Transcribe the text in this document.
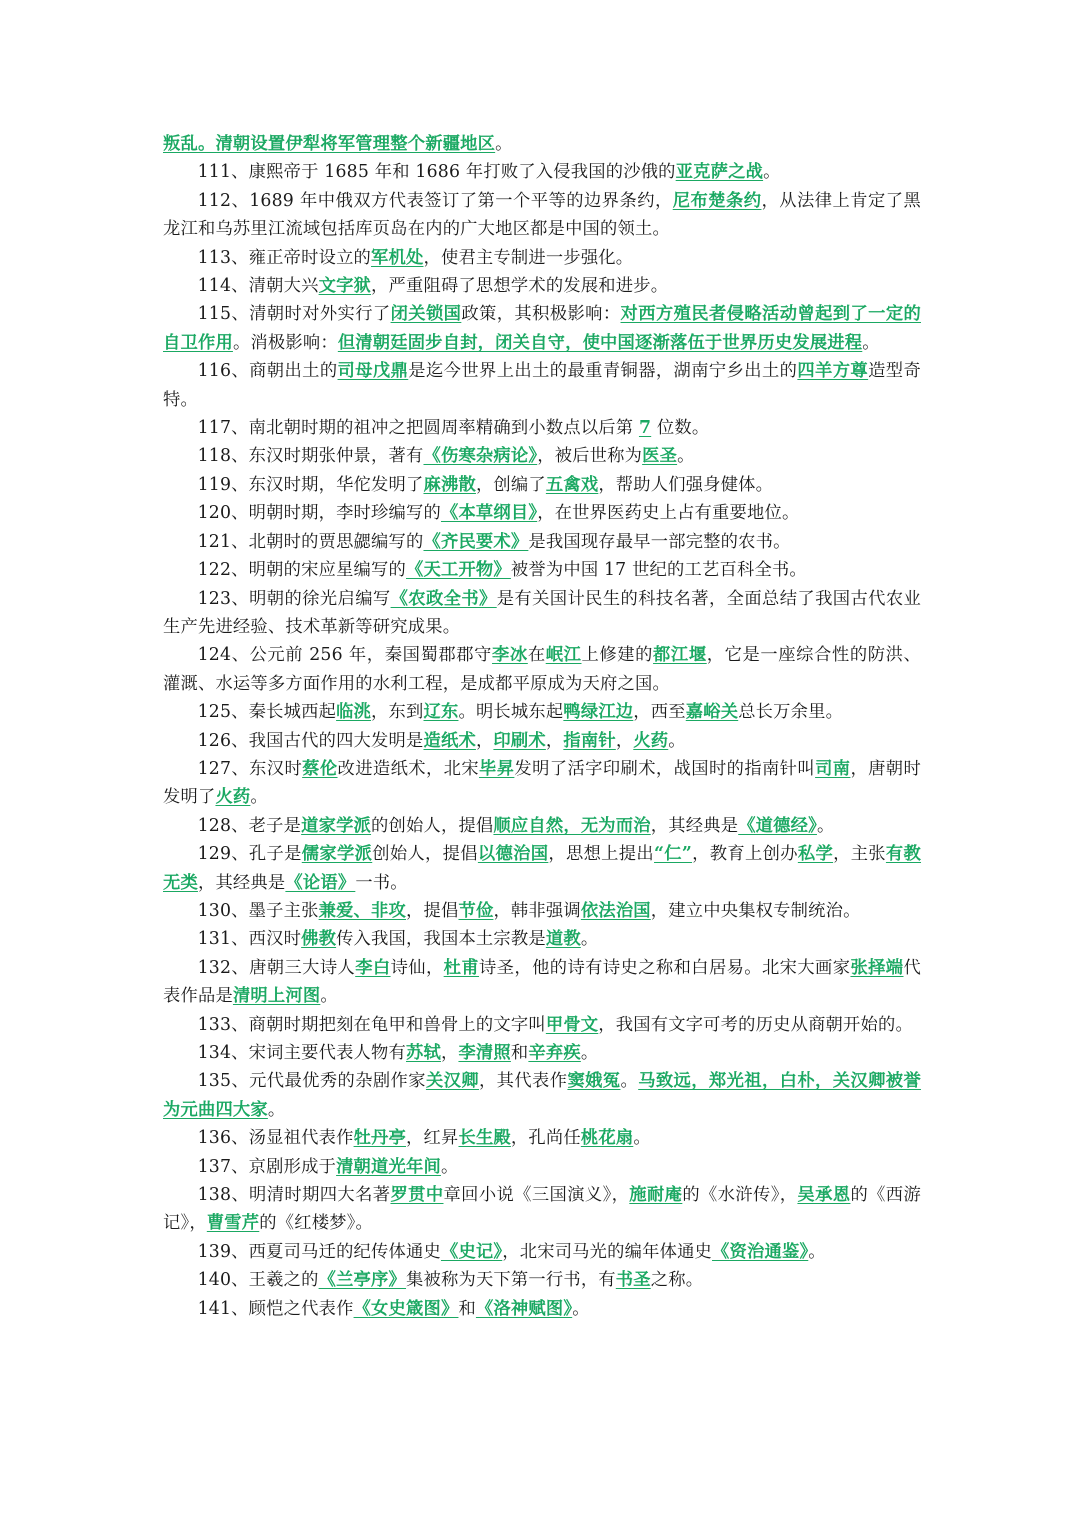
叛乱。清朝设置伊犁将军管理整个新疆地区。

111、康熙帝于 1685 年和 1686 年打败了入侵我国的沙俄的亚克萨之战。

112、1689 年中俄双方代表签订了第一个平等的边界条约，尼布楚条约，从法律上肯定了黑龙江和乌苏里江流域包括库页岛在内的广大地区都是中国的领土。

113、雍正帝时设立的军机处，使君主专制进一步强化。

114、清朝大兴文字狱，严重阻碍了思想学术的发展和进步。

115、清朝时对外实行了闭关锁国政策，其积极影响：对西方殖民者侵略活动曾起到了一定的自卫作用。消极影响：但清朝廷固步自封，闭关自守，使中国逐渐落伍于世界历史发展进程。

116、商朝出土的司母戊鼎是迄今世界上出土的最重青铜器，湖南宁乡出土的四羊方尊造型奇特。

117、南北朝时期的祖冲之把圆周率精确到小数点以后第 7 位数。

118、东汉时期张仲景，著有《伤寒杂病论》，被后世称为医圣。

119、东汉时期，华佗发明了麻沸散，创编了五禽戏，帮助人们强身健体。

120、明朝时期，李时珍编写的《本草纲目》，在世界医药史上占有重要地位。

121、北朝时的贾思勰编写的《齐民要术》是我国现存最早一部完整的农书。

122、明朝的宋应星编写的《天工开物》被誉为中国 17 世纪的工艺百科全书。

123、明朝的徐光启编写《农政全书》是有关国计民生的科技名著，全面总结了我国古代农业生产先进经验、技术革新等研究成果。

124、公元前 256 年，秦国蜀郡郡守李冰在岷江上修建的都江堰，它是一座综合性的防洪、灌溉、水运等多方面作用的水利工程，是成都平原成为天府之国。

125、秦长城西起临洮，东到辽东。明长城东起鸭绿江边，西至嘉峪关总长万余里。

126、我国古代的四大发明是造纸术，印刷术，指南针，火药。

127、东汉时蔡伦改进造纸术，北宋毕昇发明了活字印刷术，战国时的指南针叫司南，唐朝时发明了火药。

128、老子是道家学派的创始人，提倡顺应自然，无为而治，其经典是《道德经》。

129、孔子是儒家学派创始人，提倡以德治国，思想上提出“仁”，教育上创办私学，主张有教无类，其经典是《论语》一书。

130、墨子主张兼爱、非攻，提倡节俭，韩非强调依法治国，建立中央集权专制统治。

131、西汉时佛教传入我国，我国本土宗教是道教。

132、唐朝三大诗人李白诗仙，杜甫诗圣，他的诗有诗史之称和白居易。北宋大画家张择端代表作品是清明上河图。

133、商朝时期把刻在龟甲和兽骨上的文字叫甲骨文，我国有文字可考的历史从商朝开始的。

134、宋词主要代表人物有苏轼，李清照和辛弃疾。

135、元代最优秀的杂剧作家关汉卿，其代表作窦娥冤。马致远，郑光祖，白朴，关汉卿被誉为元曲四大家。

136、汤显祖代表作牡丹亭，红昇长生殿，孔尚任桃花扇。

137、京剧形成于清朝道光年间。

138、明清时期四大名著罗贯中章回小说《三国演义》，施耐庵的《水浒传》，吴承恩的《西游记》，曹雪芹的《红楼梦》。

139、西夏司马迁的纪传体通史《史记》，北宋司马光的编年体通史《资治通鉴》。

140、王羲之的《兰亭序》集被称为天下第一行书，有书圣之称。

141、顾恺之代表作《女史箴图》和《洛神赋图》。
